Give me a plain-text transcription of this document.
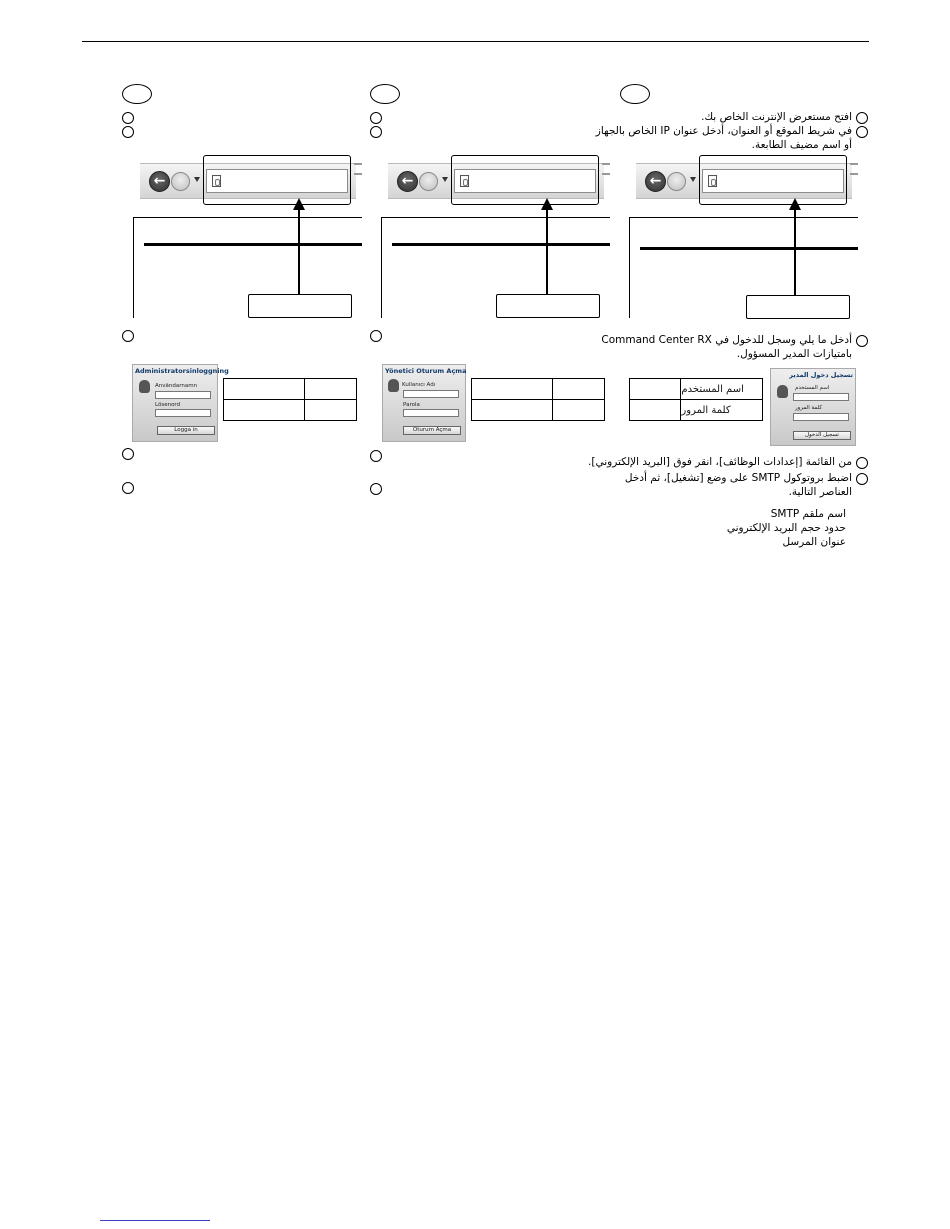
←
Administratorsinloggning
Användarnamn
Lösenord
Logga in

←
Yönetici Oturum Açma
Kullanıcı Adı
Parola
Oturum Açma

افتح مستعرض الإنترنت الخاص بك.
في شريط الموقع أو العنوان، أدخل عنوان IP الخاص بالجهاز
أو اسم مضيف الطابعة.
←
أدخل ما يلي وسجل للدخول في Command Center RX
بامتيازات المدير المسؤول.
	اسم المستخدم
	كلمة المرور
تسجيل دخول المدير
اسم المستخدم
كلمة المرور
تسجيل الدخول
من القائمة [إعدادات الوظائف]، انقر فوق [البريد الإلكتروني].
اضبط بروتوكول SMTP على وضع [تشغيل]، ثم أدخل
العناصر التالية.
اسم ملقم SMTP
حدود حجم البريد الإلكتروني
عنوان المرسل
